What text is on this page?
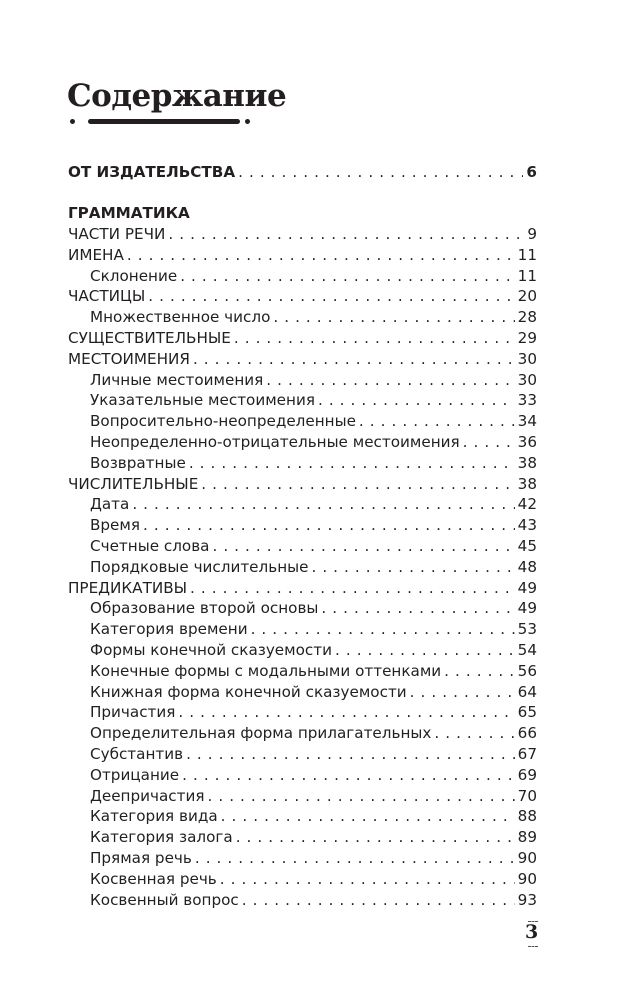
Содержание
ОТ ИЗДАТЕЛЬСТВА . . .	6
ГРАММАТИКА
ЧАСТИ РЕЧИ . . .	9
ИМЕНА . . .	11
Склонение . . .	11
ЧАСТИЦЫ . . .	20
Множественное число . . .	28
СУЩЕСТВИТЕЛЬНЫЕ . . .	29
МЕСТОИМЕНИЯ . . .	30
Личные местоимения . . .	30
Указательные местоимения . . .	33
Вопросительно-неопределенные . . .	34
Неопределенно-отрицательные местоимения . . .	36
Возвратные . . .	38
ЧИСЛИТЕЛЬНЫЕ . . .	38
Дата . . .	42
Время . . .	43
Счетные слова . . .	45
Порядковые числительные . . .	48
ПРЕДИКАТИВЫ . . .	49
Образование второй основы . . .	49
Категория времени . . .	53
Формы конечной сказуемости . . .	54
Конечные формы с модальными оттенками . . .	56
Книжная форма конечной сказуемости . . .	64
Причастия . . .	65
Определительная форма прилагательных . . .	66
Субстантив . . .	67
Отрицание . . .	69
Деепричастия . . .	70
Категория вида . . .	88
Категория залога . . .	89
Прямая речь . . .	90
Косвенная речь . . .	90
Косвенный вопрос . . .	93
3
